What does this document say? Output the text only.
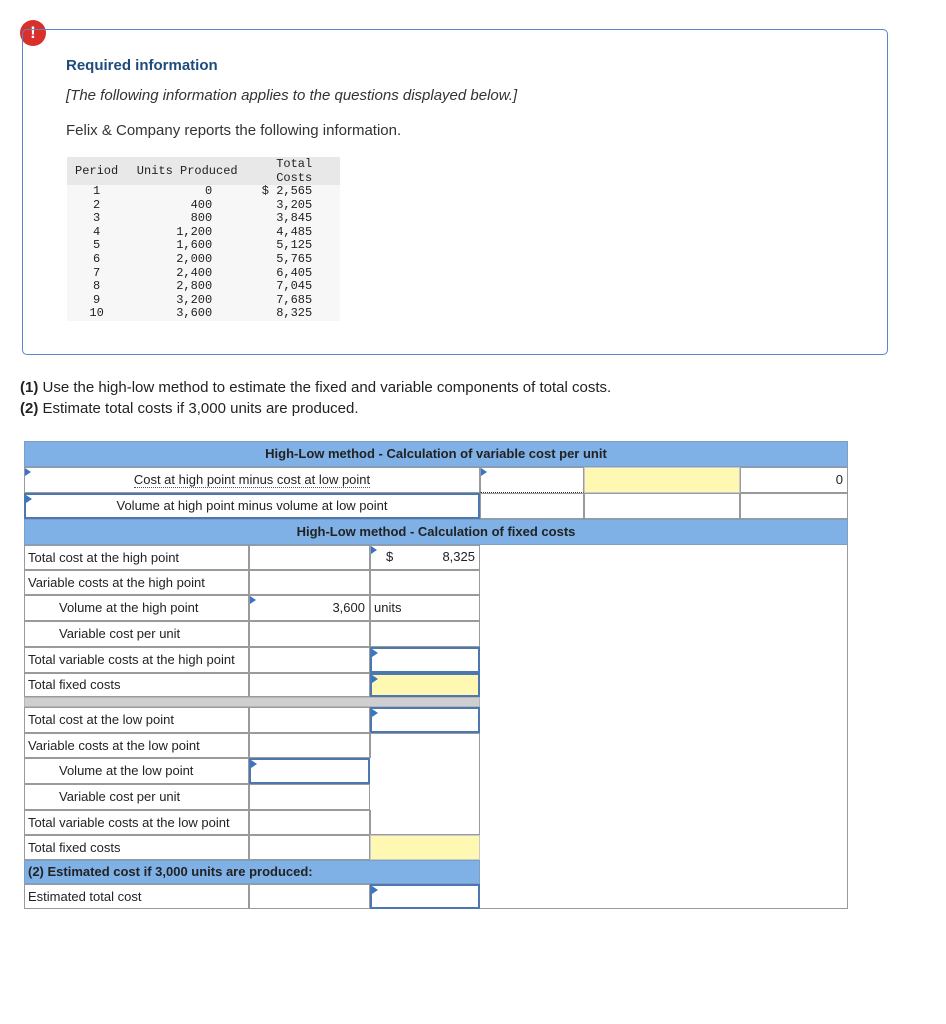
!
Required information
[The following information applies to the questions displayed below.]
Felix & Company reports the following information.
Period	Units Produced	Total Costs
1	0	$ 2,565
2	400	3,205
3	800	3,845
4	1,200	4,485
5	1,600	5,125
6	2,000	5,765
7	2,400	6,405
8	2,800	7,045
9	3,200	7,685
10	3,600	8,325
(1) Use the high-low method to estimate the fixed and variable components of total costs.
(2) Estimate total costs if 3,000 units are produced.
High-Low method - Calculation of variable cost per unit
Cost at high point minus cost at low point	0
Volume at high point minus volume at low point
High-Low method - Calculation of fixed costs
Total cost at the high point	$	8,325
Variable costs at the high point
Volume at the high point	3,600 units
Variable cost per unit
Total variable costs at the high point
Total fixed costs
Total cost at the low point
Variable costs at the low point
Volume at the low point
Variable cost per unit
Total variable costs at the low point
Total fixed costs
(2) Estimated cost if 3,000 units are produced:
Estimated total cost
